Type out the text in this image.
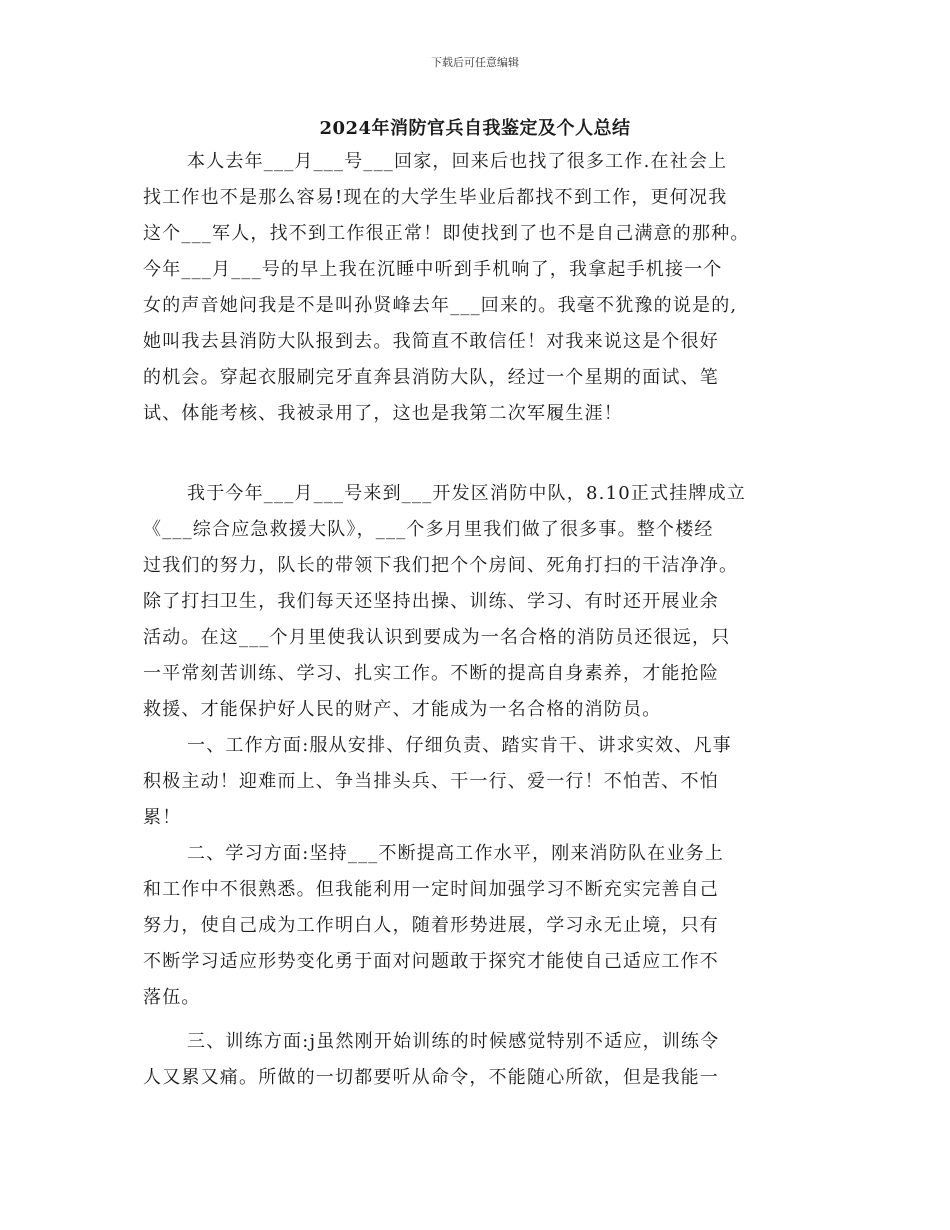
下载后可任意编辑
2024年消防官兵自我鉴定及个人总结
本人去年___月___号___回家，回来后也找了很多工作.在社会上
找工作也不是那么容易!现在的大学生毕业后都找不到工作，更何况我
这个___军人，找不到工作很正常！即使找到了也不是自己满意的那种。
今年___月___号的早上我在沉睡中听到手机响了，我拿起手机接一个
女的声音她问我是不是叫孙贤峰去年___回来的。我毫不犹豫的说是的,
她叫我去县消防大队报到去。我简直不敢信任！对我来说这是个很好
的机会。穿起衣服刷完牙直奔县消防大队，经过一个星期的面试、笔
试、体能考核、我被录用了，这也是我第二次军履生涯！
我于今年___月___号来到___开发区消防中队，8.10正式挂牌成立
《___综合应急救援大队》，___个多月里我们做了很多事。整个楼经
过我们的努力，队长的带领下我们把个个房间、死角打扫的干洁净净。
除了打扫卫生，我们每天还坚持出操、训练、学习、有时还开展业余
活动。在这___个月里使我认识到要成为一名合格的消防员还很远，只
一平常刻苦训练、学习、扎实工作。不断的提高自身素养，才能抢险
救援、才能保护好人民的财产、才能成为一名合格的消防员。
一、工作方面:服从安排、仔细负责、踏实肯干、讲求实效、凡事
积极主动！迎难而上、争当排头兵、干一行、爱一行！不怕苦、不怕
累！
二、学习方面:坚持___不断提高工作水平，刚来消防队在业务上
和工作中不很熟悉。但我能利用一定时间加强学习不断充实完善自己
努力，使自己成为工作明白人，随着形势进展，学习永无止境，只有
不断学习适应形势变化勇于面对问题敢于探究才能使自己适应工作不
落伍。
三、训练方面:j虽然刚开始训练的时候感觉特别不适应，训练令
人又累又痛。所做的一切都要听从命令，不能随心所欲，但是我能一
